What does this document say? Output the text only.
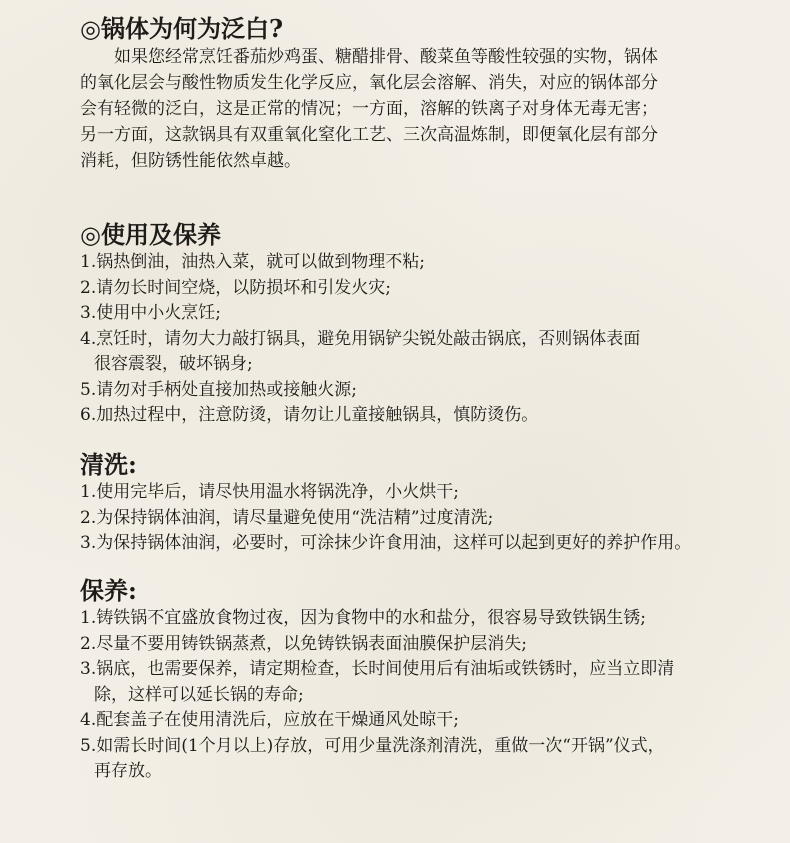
◎锅体为何为泛白?
如果您经常烹饪番茄炒鸡蛋、糖醋排骨、酸菜鱼等酸性较强的实物，锅体
的氧化层会与酸性物质发生化学反应，氧化层会溶解、消失，对应的锅体部分
会有轻微的泛白，这是正常的情况；一方面，溶解的铁离子对身体无毒无害；
另一方面，这款锅具有双重氧化窒化工艺、三次高温炼制，即便氧化层有部分
消耗，但防锈性能依然卓越。
◎使用及保养
1.锅热倒油，油热入菜，就可以做到物理不粘;
2.请勿长时间空烧，以防损坏和引发火灾;
3.使用中小火烹饪;
4.烹饪时，请勿大力敲打锅具，避免用锅铲尖锐处敲击锅底，否则锅体表面
很容震裂，破坏锅身;
5.请勿对手柄处直接加热或接触火源;
6.加热过程中，注意防烫，请勿让儿童接触锅具，慎防烫伤。
清洗:
1.使用完毕后，请尽快用温水将锅洗净，小火烘干;
2.为保持锅体油润，请尽量避免使用“洗洁精”过度清洗;
3.为保持锅体油润，必要时，可涂抹少许食用油，这样可以起到更好的养护作用。
保养:
1.铸铁锅不宜盛放食物过夜，因为食物中的水和盐分，很容易导致铁锅生锈;
2.尽量不要用铸铁锅蒸煮，以免铸铁锅表面油膜保护层消失;
3.锅底，也需要保养，请定期检查，长时间使用后有油垢或铁锈时，应当立即清
除，这样可以延长锅的寿命;
4.配套盖子在使用清洗后，应放在干燥通风处晾干;
5.如需长时间(1个月以上)存放，可用少量洗涤剂清洗，重做一次“开锅”仪式，
再存放。
